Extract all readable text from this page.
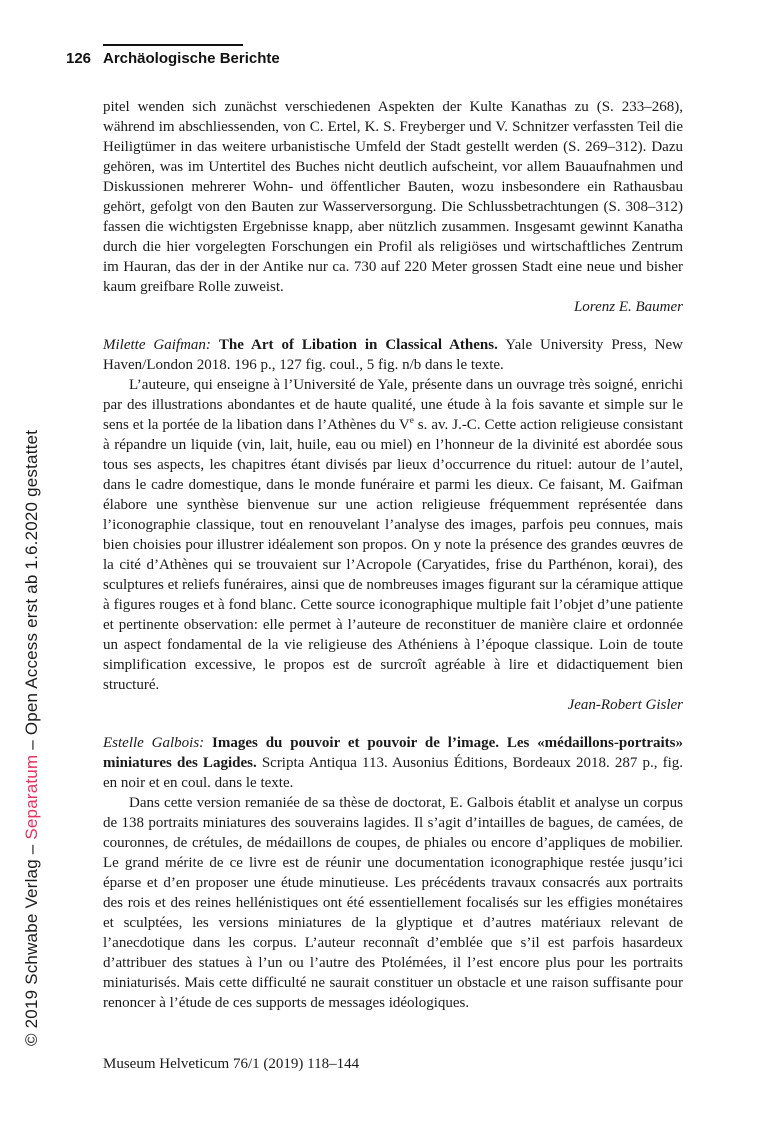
126 Archäologische Berichte
© 2019 Schwabe Verlag – Separatum – Open Access erst ab 1.6.2020 gestattet

pitel wenden sich zunächst verschiedenen Aspekten der Kulte Kanathas zu (S. 233–268), während im abschliessenden, von C. Ertel, K. S. Freyberger und V. Schnitzer verfassten Teil die Heiligtümer in das weitere urbanistische Umfeld der Stadt gestellt werden (S. 269–312). Dazu gehören, was im Untertitel des Buches nicht deutlich aufscheint, vor allem Bauaufnahmen und Diskussionen mehrerer Wohn- und öffentlicher Bauten, wozu insbesondere ein Rathausbau gehört, gefolgt von den Bauten zur Wasserversorgung. Die Schlussbetrachtungen (S. 308–312) fassen die wichtigsten Ergebnisse knapp, aber nützlich zusammen. Insgesamt gewinnt Kanatha durch die hier vorgelegten Forschungen ein Profil als religiöses und wirtschaftliches Zentrum im Hauran, das der in der Antike nur ca. 730 auf 220 Meter grossen Stadt eine neue und bisher kaum greifbare Rolle zuweist.

Lorenz E. Baumer

Milette Gaifman: The Art of Libation in Classical Athens. Yale University Press, New Haven/London 2018. 196 p., 127 fig. coul., 5 fig. n/b dans le texte.

L’auteure, qui enseigne à l’Université de Yale, présente dans un ouvrage très soigné, enrichi par des illustrations abondantes et de haute qualité, une étude à la fois savante et simple sur le sens et la portée de la libation dans l’Athènes du Ve s. av. J.-C. Cette action religieuse consistant à répandre un liquide (vin, lait, huile, eau ou miel) en l’honneur de la divinité est abordée sous tous ses aspects, les chapitres étant divisés par lieux d’occurrence du rituel: autour de l’autel, dans le cadre domestique, dans le monde funéraire et parmi les dieux. Ce faisant, M. Gaifman élabore une synthèse bienvenue sur une action religieuse fréquemment représentée dans l’iconographie classique, tout en renouvelant l’analyse des images, parfois peu connues, mais bien choisies pour illustrer idéalement son propos. On y note la présence des grandes œuvres de la cité d’Athènes qui se trouvaient sur l’Acropole (Caryatides, frise du Parthénon, korai), des sculptures et reliefs funéraires, ainsi que de nombreuses images figurant sur la céramique attique à figures rouges et à fond blanc. Cette source iconographique multiple fait l’objet d’une patiente et pertinente observation: elle permet à l’auteure de reconstituer de manière claire et ordonnée un aspect fondamental de la vie religieuse des Athéniens à l’époque classique. Loin de toute simplification excessive, le propos est de surcroît agréable à lire et didactiquement bien structuré.

Jean-Robert Gisler

Estelle Galbois: Images du pouvoir et pouvoir de l’image. Les «médaillons-portraits» miniatures des Lagides. Scripta Antiqua 113. Ausonius Éditions, Bordeaux 2018. 287 p., fig. en noir et en coul. dans le texte.

Dans cette version remaniée de sa thèse de doctorat, E. Galbois établit et analyse un corpus de 138 portraits miniatures des souverains lagides. Il s’agit d’intailles de bagues, de camées, de couronnes, de crétules, de médaillons de coupes, de phiales ou encore d’appliques de mobilier. Le grand mérite de ce livre est de réunir une documentation iconographique restée jusqu’ici éparse et d’en proposer une étude minutieuse. Les précédents travaux consacrés aux portraits des rois et des reines hellénistiques ont été essentiellement focalisés sur les effigies monétaires et sculptées, les versions miniatures de la glyptique et d’autres matériaux relevant de l’anecdotique dans les corpus. L’auteur reconnaît d’emblée que s’il est parfois hasardeux d’attribuer des statues à l’un ou l’autre des Ptolémées, il l’est encore plus pour les portraits miniaturisés. Mais cette difficulté ne saurait constituer un obstacle et une raison suffisante pour renoncer à l’étude de ces supports de messages idéologiques.

Museum Helveticum 76/1 (2019) 118–144
